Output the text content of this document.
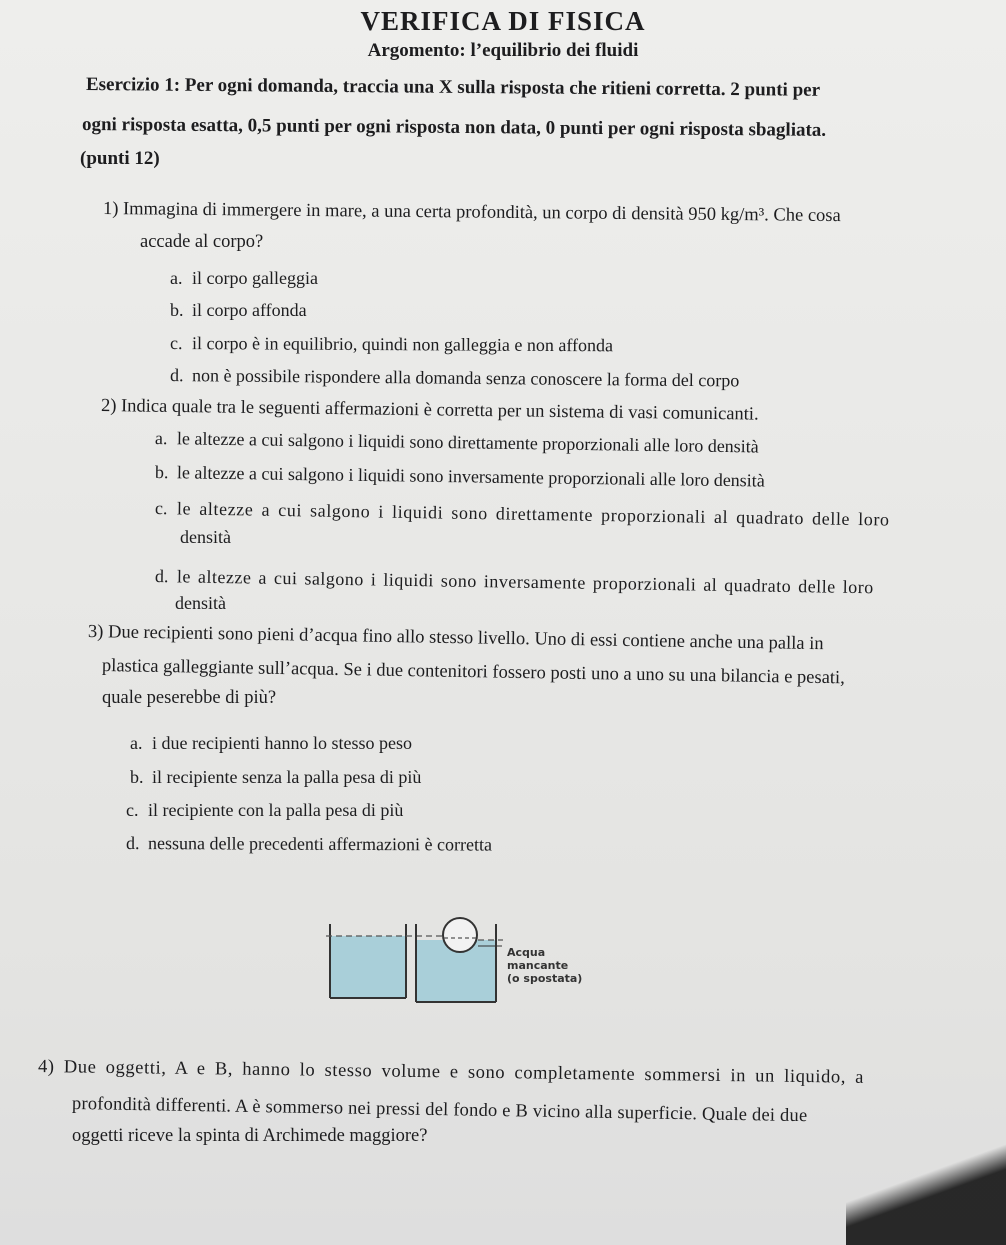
VERIFICA DI FISICA
Argomento: l’equilibrio dei fluidi
Esercizio 1: Per ogni domanda, traccia una X sulla risposta che ritieni corretta. 2 punti per
ogni risposta esatta, 0,5 punti per ogni risposta non data, 0 punti per ogni risposta sbagliata.
(punti 12)
1) Immagina di immergere in mare, a una certa profondità, un corpo di densità 950 kg/m³. Che cosa
accade al corpo?
a. il corpo galleggia
b. il corpo affonda
c. il corpo è in equilibrio, quindi non galleggia e non affonda
d. non è possibile rispondere alla domanda senza conoscere la forma del corpo
2) Indica quale tra le seguenti affermazioni è corretta per un sistema di vasi comunicanti.
a. le altezze a cui salgono i liquidi sono direttamente proporzionali alle loro densità
b. le altezze a cui salgono i liquidi sono inversamente proporzionali alle loro densità
c. le altezze a cui salgono i liquidi sono direttamente proporzionali al quadrato delle loro
densità
d. le altezze a cui salgono i liquidi sono inversamente proporzionali al quadrato delle loro
densità
3) Due recipienti sono pieni d’acqua fino allo stesso livello. Uno di essi contiene anche una palla in
plastica galleggiante sull’acqua. Se i due contenitori fossero posti uno a uno su una bilancia e pesati,
quale peserebbe di più?
a. i due recipienti hanno lo stesso peso
b. il recipiente senza la palla pesa di più
c. il recipiente con la palla pesa di più
d. nessuna delle precedenti affermazioni è corretta
Acqua
mancante
(o spostata)
4) Due oggetti, A e B, hanno lo stesso volume e sono completamente sommersi in un liquido, a
profondità differenti. A è sommerso nei pressi del fondo e B vicino alla superficie. Quale dei due
oggetti riceve la spinta di Archimede maggiore?
